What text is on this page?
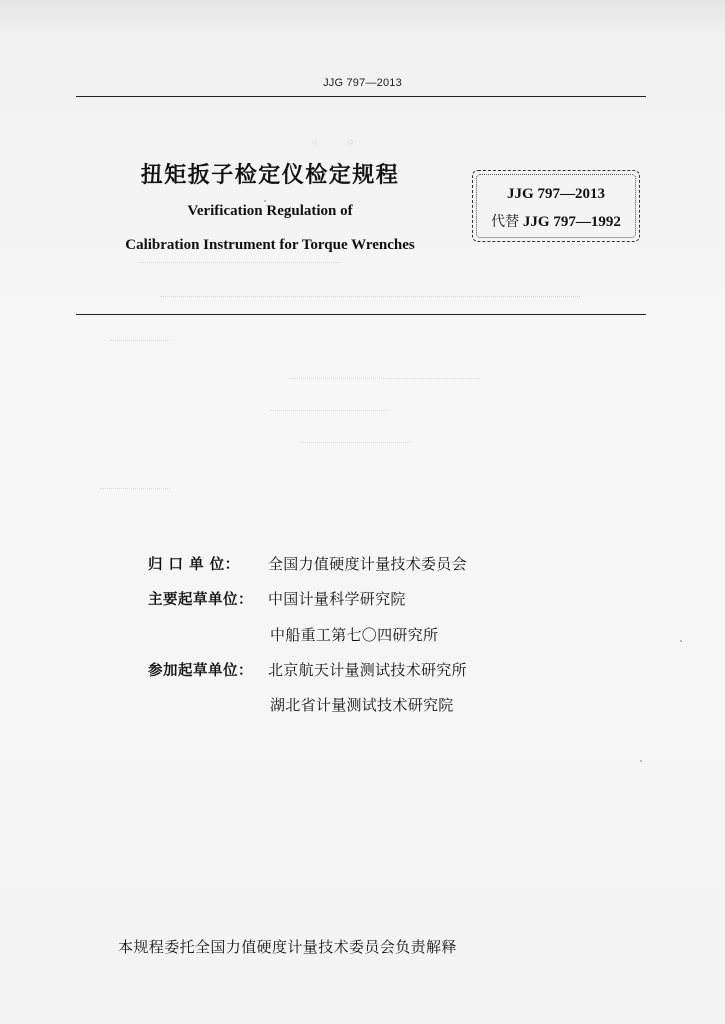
JJG 797—2013
扭矩扳子检定仪检定规程
Verification Regulation of
Calibration Instrument for Torque Wrenches
JJG 797—2013
代替 JJG 797—1992
◦ 　 ◦
归 口 单 位： 全国力值硬度计量技术委员会
主要起草单位： 中国计量科学研究院
中船重工第七〇四研究所
参加起草单位： 北京航天计量测试技术研究所
湖北省计量测试技术研究院
本规程委托全国力值硬度计量技术委员会负责解释
